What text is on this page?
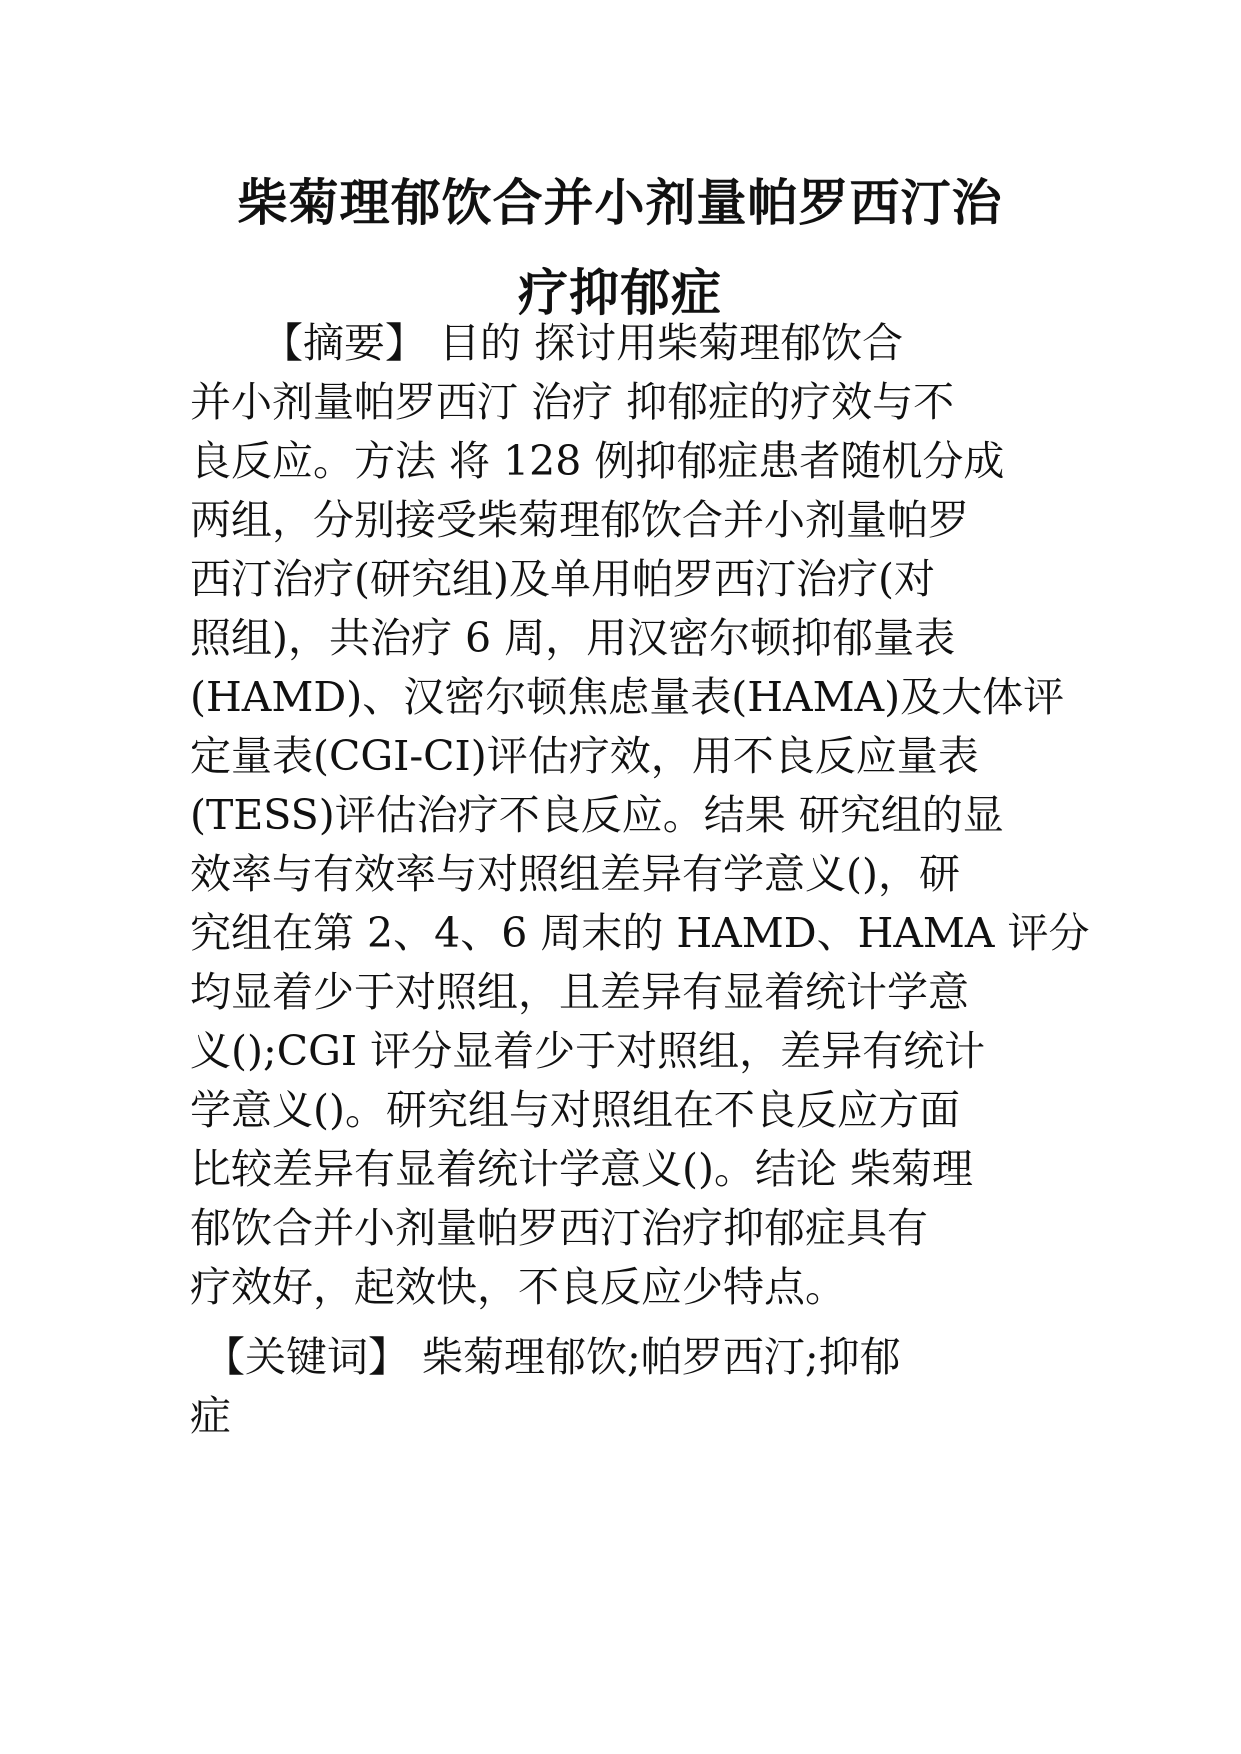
柴菊理郁饮合并小剂量帕罗西汀治
疗抑郁症

【摘要】 目的 探讨用柴菊理郁饮合

并小剂量帕罗西汀 治疗 抑郁症的疗效与不

良反应。方法 将 128 例抑郁症患者随机分成

两组，分别接受柴菊理郁饮合并小剂量帕罗

西汀治疗(研究组)及单用帕罗西汀治疗(对

照组)，共治疗 6 周，用汉密尔顿抑郁量表

(HAMD)、汉密尔顿焦虑量表(HAMA)及大体评

定量表(CGI-CI)评估疗效，用不良反应量表

(TESS)评估治疗不良反应。结果 研究组的显

效率与有效率与对照组差异有学意义()，研

究组在第 2、4、6 周末的 HAMD、HAMA 评分

均显着少于对照组，且差异有显着统计学意

义();CGI 评分显着少于对照组，差异有统计

学意义()。研究组与对照组在不良反应方面

比较差异有显着统计学意义()。结论 柴菊理

郁饮合并小剂量帕罗西汀治疗抑郁症具有

疗效好，起效快，不良反应少特点。

【关键词】 柴菊理郁饮;帕罗西汀;抑郁

症
